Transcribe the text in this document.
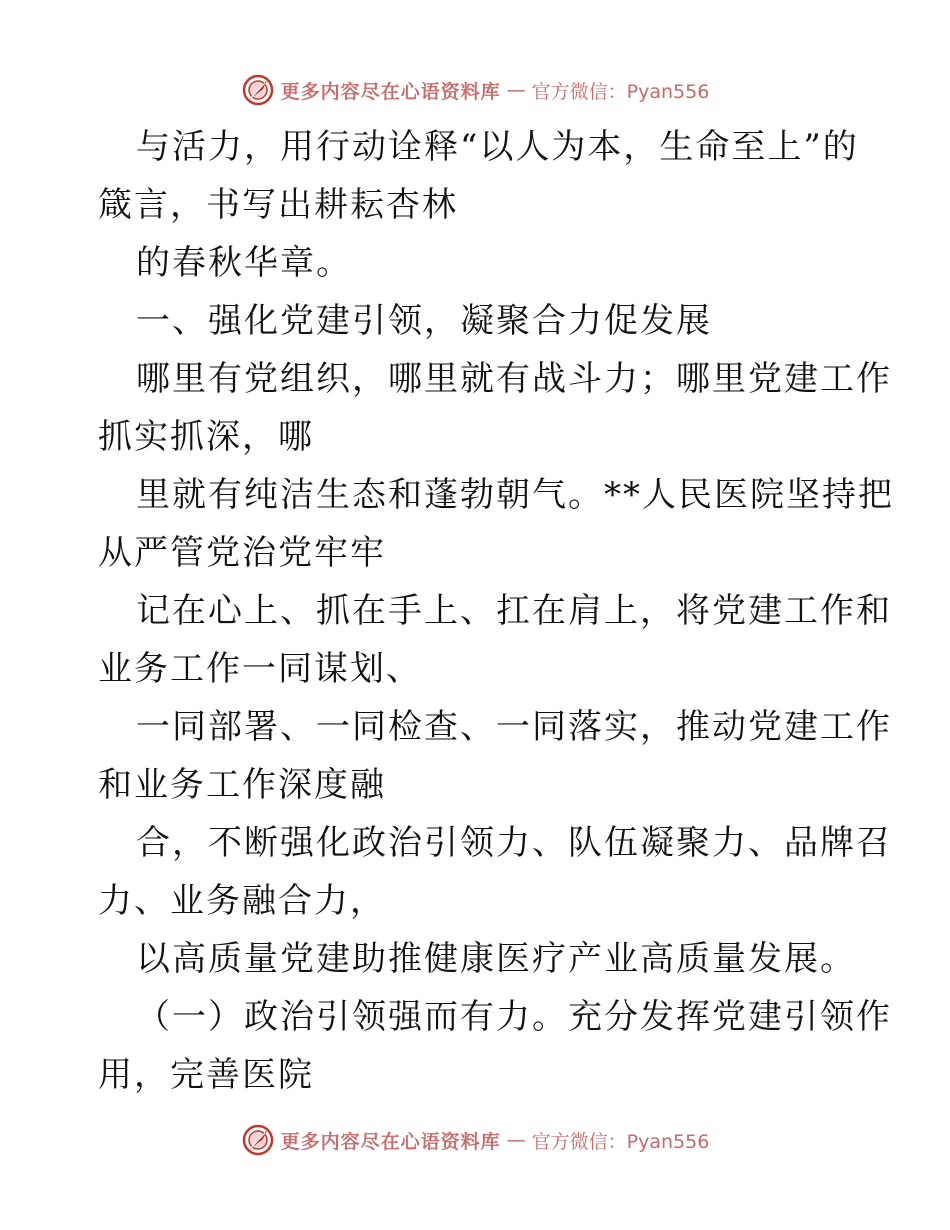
更多内容尽在心语资料库 — 官方微信：Pyan556
与活力，用行动诠释“以人为本，生命至上”的
箴言，书写出耕耘杏林
的春秋华章。
一、强化党建引领，凝聚合力促发展
哪里有党组织，哪里就有战斗力；哪里党建工作
抓实抓深，哪
里就有纯洁生态和蓬勃朝气。**人民医院坚持把
从严管党治党牢牢
记在心上、抓在手上、扛在肩上，将党建工作和
业务工作一同谋划、
一同部署、一同检查、一同落实，推动党建工作
和业务工作深度融
合，不断强化政治引领力、队伍凝聚力、品牌召
力、业务融合力，
以高质量党建助推健康医疗产业高质量发展。
（一）政治引领强而有力。充分发挥党建引领作
用，完善医院
更多内容尽在心语资料库 — 官方微信：Pyan556
